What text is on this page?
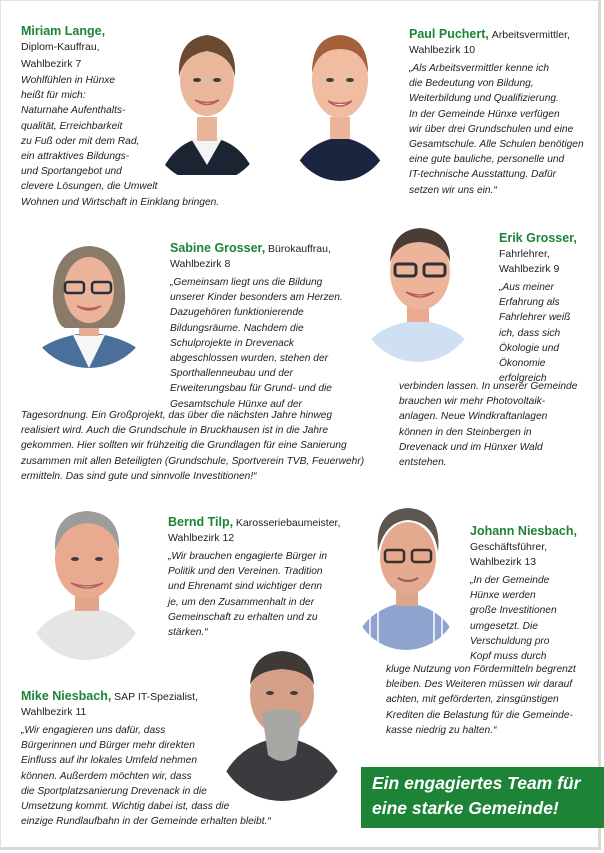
Miriam Lange,

Diplom-Kauffrau,

Wahlbezirk 7

Wohlfühlen in Hünxe

heißt für mich:

Naturnahe Aufenthalts-

qualität, Erreichbarkeit

zu Fuß oder mit dem Rad,

ein attraktives Bildungs-

und Sportangebot und

clevere Lösungen, die Umwelt

Wohnen und Wirtschaft in Einklang bringen.

Paul Puchert, Arbeitsvermittler,

Wahlbezirk 10

„Als Arbeitsvermittler kenne ich

die Bedeutung von Bildung,

Weiterbildung und Qualifizierung.

In der Gemeinde Hünxe verfügen

wir über drei Grundschulen und eine

Gesamtschule. Alle Schulen benötigen

eine gute bauliche, personelle und

IT-technische Ausstattung. Dafür

setzen wir uns ein.“

Sabine Grosser, Bürokauffrau,

Wahlbezirk 8

„Gemeinsam liegt uns die Bildung

unserer Kinder besonders am Herzen.

Dazugehören funktionierende

Bildungsräume. Nachdem die

Schulprojekte in Drevenack

abgeschlossen wurden, stehen der

Sporthallenneubau und der

Erweiterungsbau für Grund- und die

Gesamtschule Hünxe auf der

Tagesordnung. Ein Großprojekt, das über die nächsten Jahre hinweg

realisiert wird. Auch die Grundschule in Bruckhausen ist in die Jahre

gekommen. Hier sollten wir frühzeitig die Grundlagen für eine Sanierung

zusammen mit allen Beteiligten (Grundschule, Sportverein TVB, Feuerwehr)

ermitteln. Das sind gute und sinnvolle Investitionen!“

Erik Grosser,

Fahrlehrer,

Wahlbezirk 9

„Aus meiner

Erfahrung als

Fahrlehrer weiß

ich, dass sich

Ökologie und

Ökonomie

erfolgreich

verbinden lassen. In unserer Gemeinde

brauchen wir mehr Photovoltaik-

anlagen. Neue Windkraftanlagen

können in den Steinbergen in

Drevenack und im Hünxer Wald

entstehen.

Bernd Tilp, Karosseriebaumeister,

Wahlbezirk 12

„Wir brauchen engagierte Bürger in

Politik und den Vereinen. Tradition

und Ehrenamt sind wichtiger denn

je, um den Zusammenhalt in der

Gemeinschaft zu erhalten und zu

stärken.“

Johann Niesbach,

Geschäftsführer,

Wahlbezirk 13

„In der Gemeinde

Hünxe werden

große Investitionen

umgesetzt. Die

Verschuldung pro

Kopf muss durch

kluge Nutzung von Fördermitteln begrenzt

bleiben. Des Weiteren müssen wir darauf

achten, mit geförderten, zinsgünstigen

Krediten die Belastung für die Gemeinde-

kasse niedrig zu halten.“

Mike Niesbach, SAP IT-Spezialist,

Wahlbezirk 11

„Wir engagieren uns dafür, dass

Bürgerinnen und Bürger mehr direkten

Einfluss auf ihr lokales Umfeld nehmen

können. Außerdem möchten wir, dass

die Sportplatzsanierung Drevenack in die

Umsetzung kommt. Wichtig dabei ist, dass die

einzige Rundlaufbahn in der Gemeinde erhalten bleibt.“

Ein engagiertes Team für
eine starke Gemeinde!
